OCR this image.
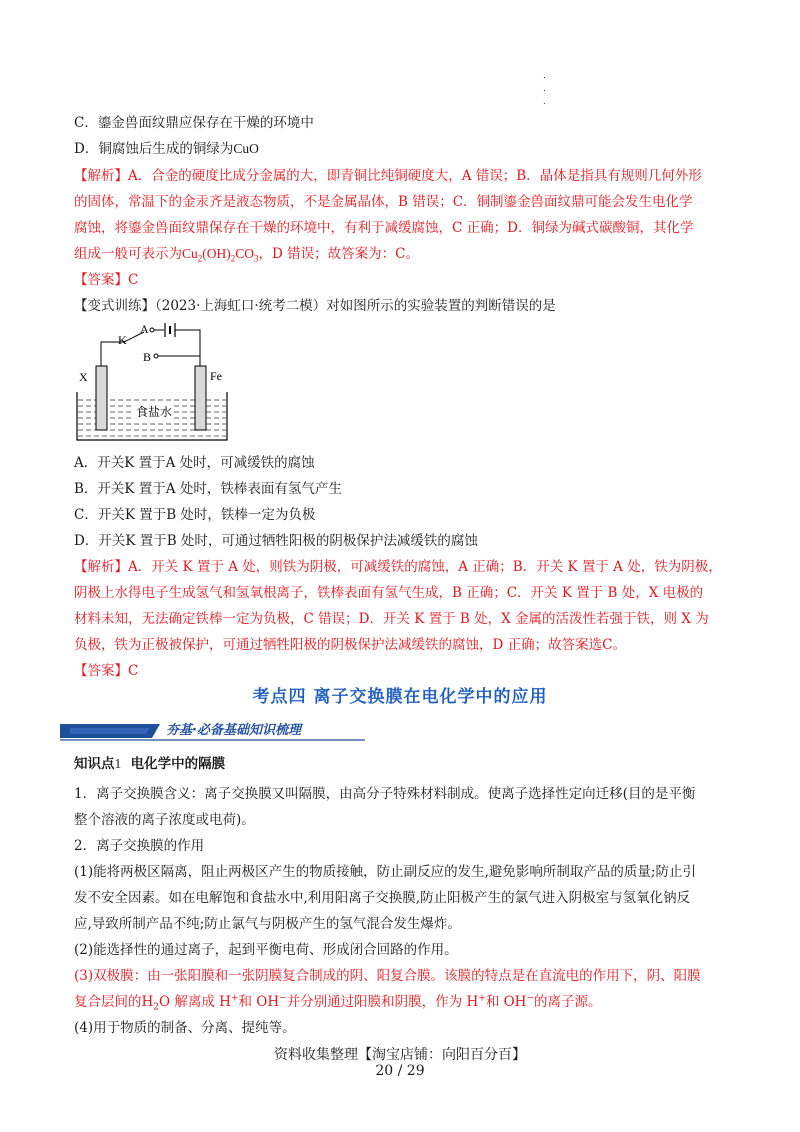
.
.
.
C．鎏金兽面纹鼎应保存在干燥的环境中
D．铜腐蚀后生成的铜绿为CuO
【解析】A．合金的硬度比成分金属的大，即青铜比纯铜硬度大，A 错误；B．晶体是指具有规则几何外形
的固体，常温下的金汞齐是液态物质，不是金属晶体，B 错误；C．铜制鎏金兽面纹鼎可能会发生电化学
腐蚀，将鎏金兽面纹鼎保存在干燥的环境中，有利于减缓腐蚀，C 正确；D．铜绿为碱式碳酸铜，其化学
组成一般可表示为$Cu_2(OH)_2CO_3$，D 错误；故答案为：C。
【答案】C
【变式训练】（2023·上海虹口·统考二模）对如图所示的实验装置的判断错误的是
A
K
B
X	Fe
食盐水
A．开关K 置于A 处时，可减缓铁的腐蚀
B．开关K 置于A 处时，铁棒表面有氢气产生
C．开关K 置于B 处时，铁棒一定为负极
D．开关K 置于B 处时，可通过牺牲阳极的阴极保护法减缓铁的腐蚀
【解析】A．开关 K 置于 A 处，则铁为阴极，可减缓铁的腐蚀，A 正确；B．开关 K 置于 A 处，铁为阴极，
阴极上水得电子生成氢气和氢氧根离子，铁棒表面有氢气生成，B 正确；C．开关 K 置于 B 处，X 电极的
材料未知，无法确定铁棒一定为负极，C 错误；D．开关 K 置于 B 处，X 金属的活泼性若强于铁，则 X 为
负极，铁为正极被保护，可通过牺牲阳极的阴极保护法减缓铁的腐蚀，D 正确；故答案选C。
【答案】C
考点四 离子交换膜在电化学中的应用
夯基·必备基础知识梳理
知识点1 电化学中的隔膜
1．离子交换膜含义：离子交换膜又叫隔膜，由高分子特殊材料制成。使离子选择性定向迁移(目的是平衡
整个溶液的离子浓度或电荷)。
2．离子交换膜的作用
(1)能将两极区隔离，阻止两极区产生的物质接触，防止副反应的发生,避免影响所制取产品的质量;防止引
发不安全因素。如在电解饱和食盐水中,利用阳离子交换膜,防止阳极产生的氯气进入阴极室与氢氧化钠反
应,导致所制产品不纯;防止氯气与阴极产生的氢气混合发生爆炸。
(2)能选择性的通过离子，起到平衡电荷、形成闭合回路的作用。
(3)双极膜：由一张阳膜和一张阴膜复合制成的阴、阳复合膜。该膜的特点是在直流电的作用下，阴、阳膜
复合层间的$H_2O$ 解离成 H+和 OH−并分别通过阳膜和阴膜，作为 H+和 OH−的离子源。
(4)用于物质的制备、分离、提纯等。
资料收集整理【淘宝店铺：向阳百分百】
20 / 29
